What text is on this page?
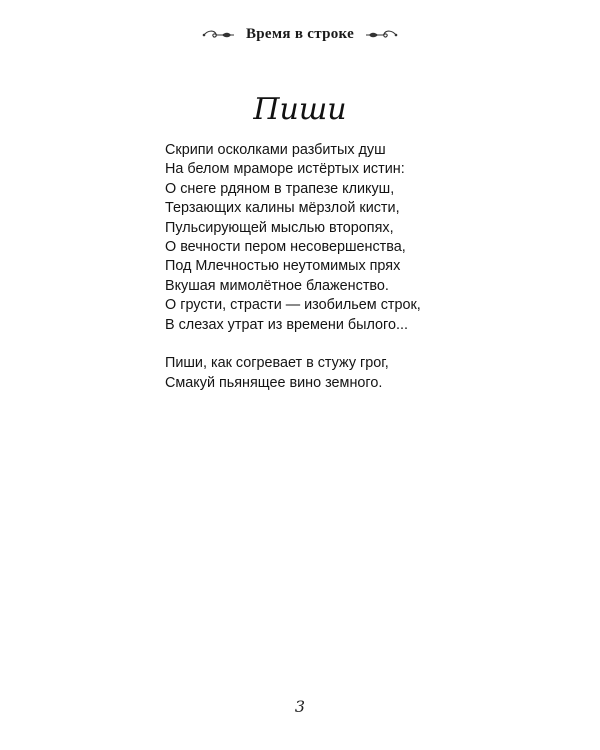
Время в строке
Пиши
Скрипи осколками разбитых душ
На белом мраморе истёртых истин:
О снеге рдяном в трапезе кликуш,
Терзающих калины мёрзлой кисти,
Пульсирующей мыслью второпях,
О вечности пером несовершенства,
Под Млечностью неутомимых прях
Вкушая мимолётное блаженство.
О грусти, страсти — изобильем строк,
В слезах утрат из времени былого...
Пиши, как согревает в стужу грог,
Смакуй пьянящее вино земного.
3
